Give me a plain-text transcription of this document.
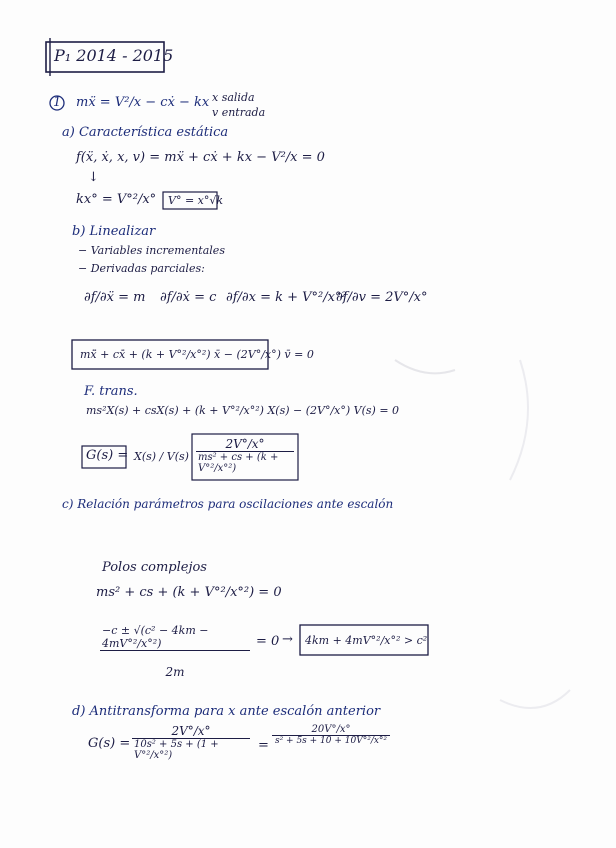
P₁ 2014 - 2015
1 mẍ = V²/x − cẋ − kx x salida
v entrada
a) Característica estática
f(ẍ, ẋ, x, v) = mẍ + cẋ + kx − V²/x = 0
↓
kx° = V°²/x° V° = x°√k
b) Linealizar
− Variables incrementales
− Derivadas parciales:
∂f/∂ẍ = m ∂f/∂ẋ = c ∂f/∂x = k + V°²/x°²
∂f/∂v = 2V°/x°
mẍ̄ + cẋ̄ + (k + V°²/x°²) x̄ − (2V°/x°) v̄ = 0
F. trans.
ms²X(s) + csX(s) + (k + V°²/x°²) X(s) − (2V°/x°) V(s) = 0
G(s) = X(s) / V(s)
2V°/x°
ms² + cs + (k + V°²/x°²)
c) Relación parámetros para oscilaciones ante escalón
Polos complejos
ms² + cs + (k + V°²/x°²) = 0
−c ± √(c² − 4km − 4mV°²/x°²)
2m
= 0 → 4km + 4mV°²/x°² > c²
d) Antitransforma para x ante escalón anterior
G(s) =
2V°/x°
10s² + 5s + (1 + V°²/x°²)
=
20V°/x°
s² + 5s + 10 + 10V°²/x°²
